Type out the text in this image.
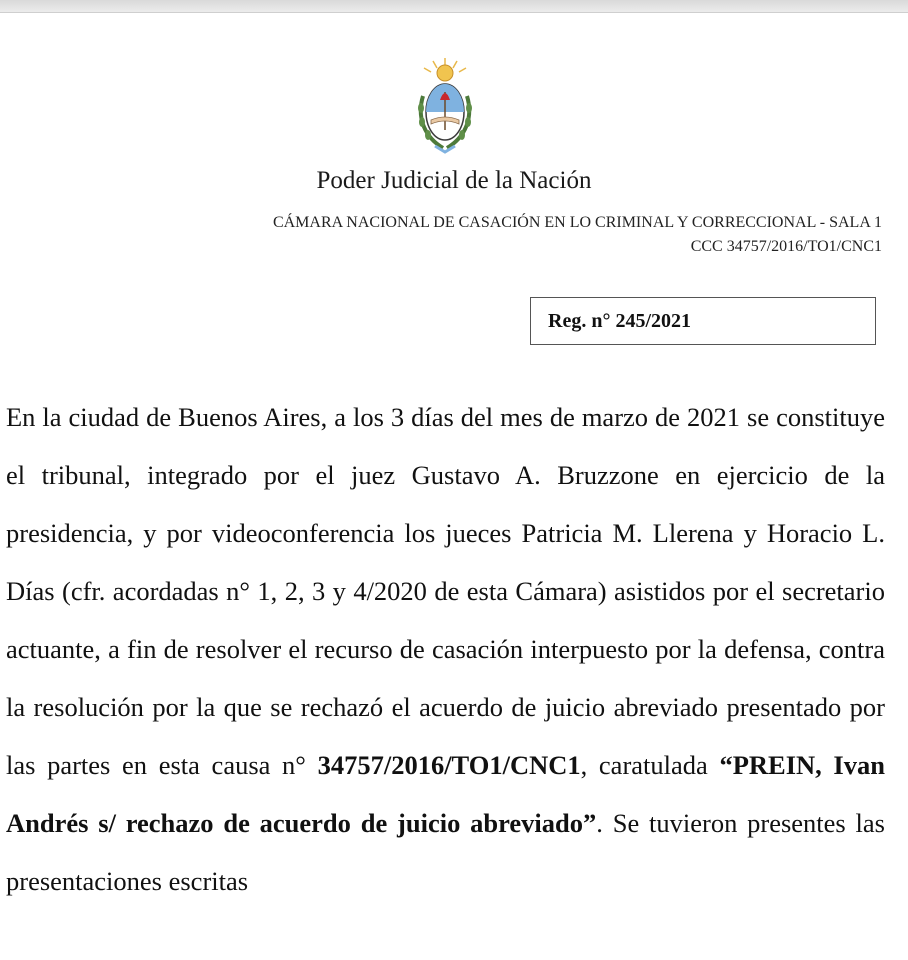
Poder Judicial de la Nación
CÁMARA NACIONAL DE CASACIÓN EN LO CRIMINAL Y CORRECCIONAL - SALA 1
CCC 34757/2016/TO1/CNC1
Reg. n° 245/2021
En la ciudad de Buenos Aires, a los 3 días del mes de marzo de 2021 se constituye el tribunal, integrado por el juez Gustavo A. Bruzzone en ejercicio de la presidencia, y por videoconferencia los jueces Patricia M. Llerena y Horacio L. Días (cfr. acordadas n° 1, 2, 3 y 4/2020 de esta Cámara) asistidos por el secretario actuante, a fin de resolver el recurso de casación interpuesto por la defensa, contra la resolución por la que se rechazó el acuerdo de juicio abreviado presentado por las partes en esta causa n° 34757/2016/TO1/CNC1, caratulada “PREIN, Ivan Andrés s/ rechazo de acuerdo de juicio abreviado”. Se tuvieron presentes las presentaciones escritas
